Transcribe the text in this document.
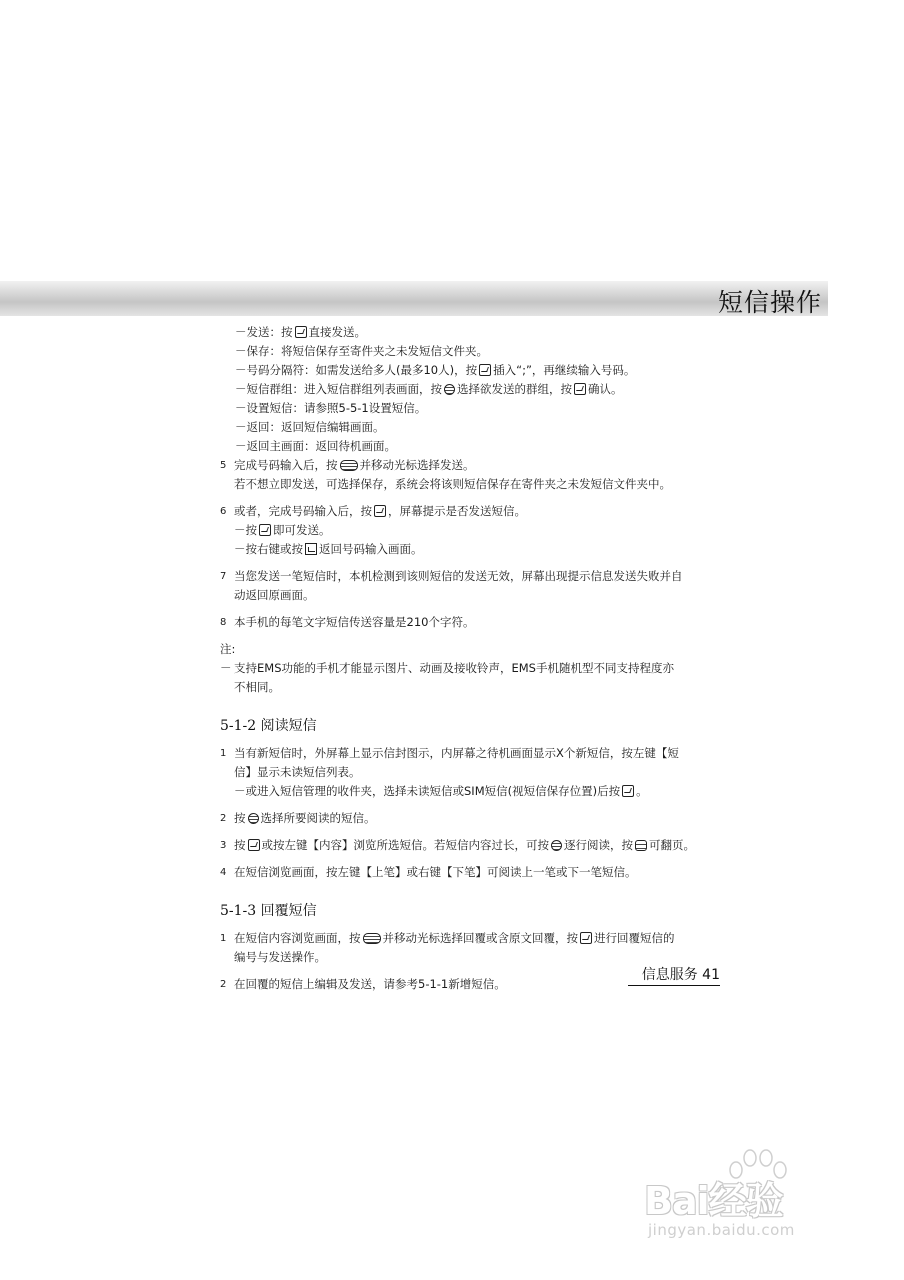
短信操作
－发送：按 直接发送。
－保存：将短信保存至寄件夹之未发短信文件夹。
－号码分隔符：如需发送给多人(最多10人)，按 插入“;”，再继续输入号码。
－短信群组：进入短信群组列表画面，按 选择欲发送的群组，按 确认。
－设置短信：请参照5-5-1设置短信。
－返回：返回短信编辑画面。
－返回主画面：返回待机画面。
5 完成号码输入后，按 并移动光标选择发送。
若不想立即发送，可选择保存，系统会将该则短信保存在寄件夹之未发短信文件夹中。
6 或者，完成号码输入后，按 ，屏幕提示是否发送短信。
－按 即可发送。
－按右键或按 返回号码输入画面。
7 当您发送一笔短信时，本机检测到该则短信的发送无效，屏幕出现提示信息发送失败并自
动返回原画面。
8 本手机的每笔文字短信传送容量是210个字符。
注:
－ 支持EMS功能的手机才能显示图片、动画及接收铃声，EMS手机随机型不同支持程度亦
不相同。
5-1-2 阅读短信
1 当有新短信时，外屏幕上显示信封图示，内屏幕之待机画面显示X个新短信，按左键【短
信】显示未读短信列表。
－或进入短信管理的收件夹，选择未读短信或SIM短信(视短信保存位置)后按 。
2 按 选择所要阅读的短信。
3 按 或按左键【内容】浏览所选短信。若短信内容过长，可按 逐行阅读，按 可翻页。
4 在短信浏览画面，按左键【上笔】或右键【下笔】可阅读上一笔或下一笔短信。
5-1-3 回覆短信
1 在短信内容浏览画面，按 并移动光标选择回覆或含原文回覆，按 进行回覆短信的
编号与发送操作。
2 在回覆的短信上编辑及发送，请参考5-1-1新增短信。
信息服务 41
Bai经验
jingyan.baidu.com
